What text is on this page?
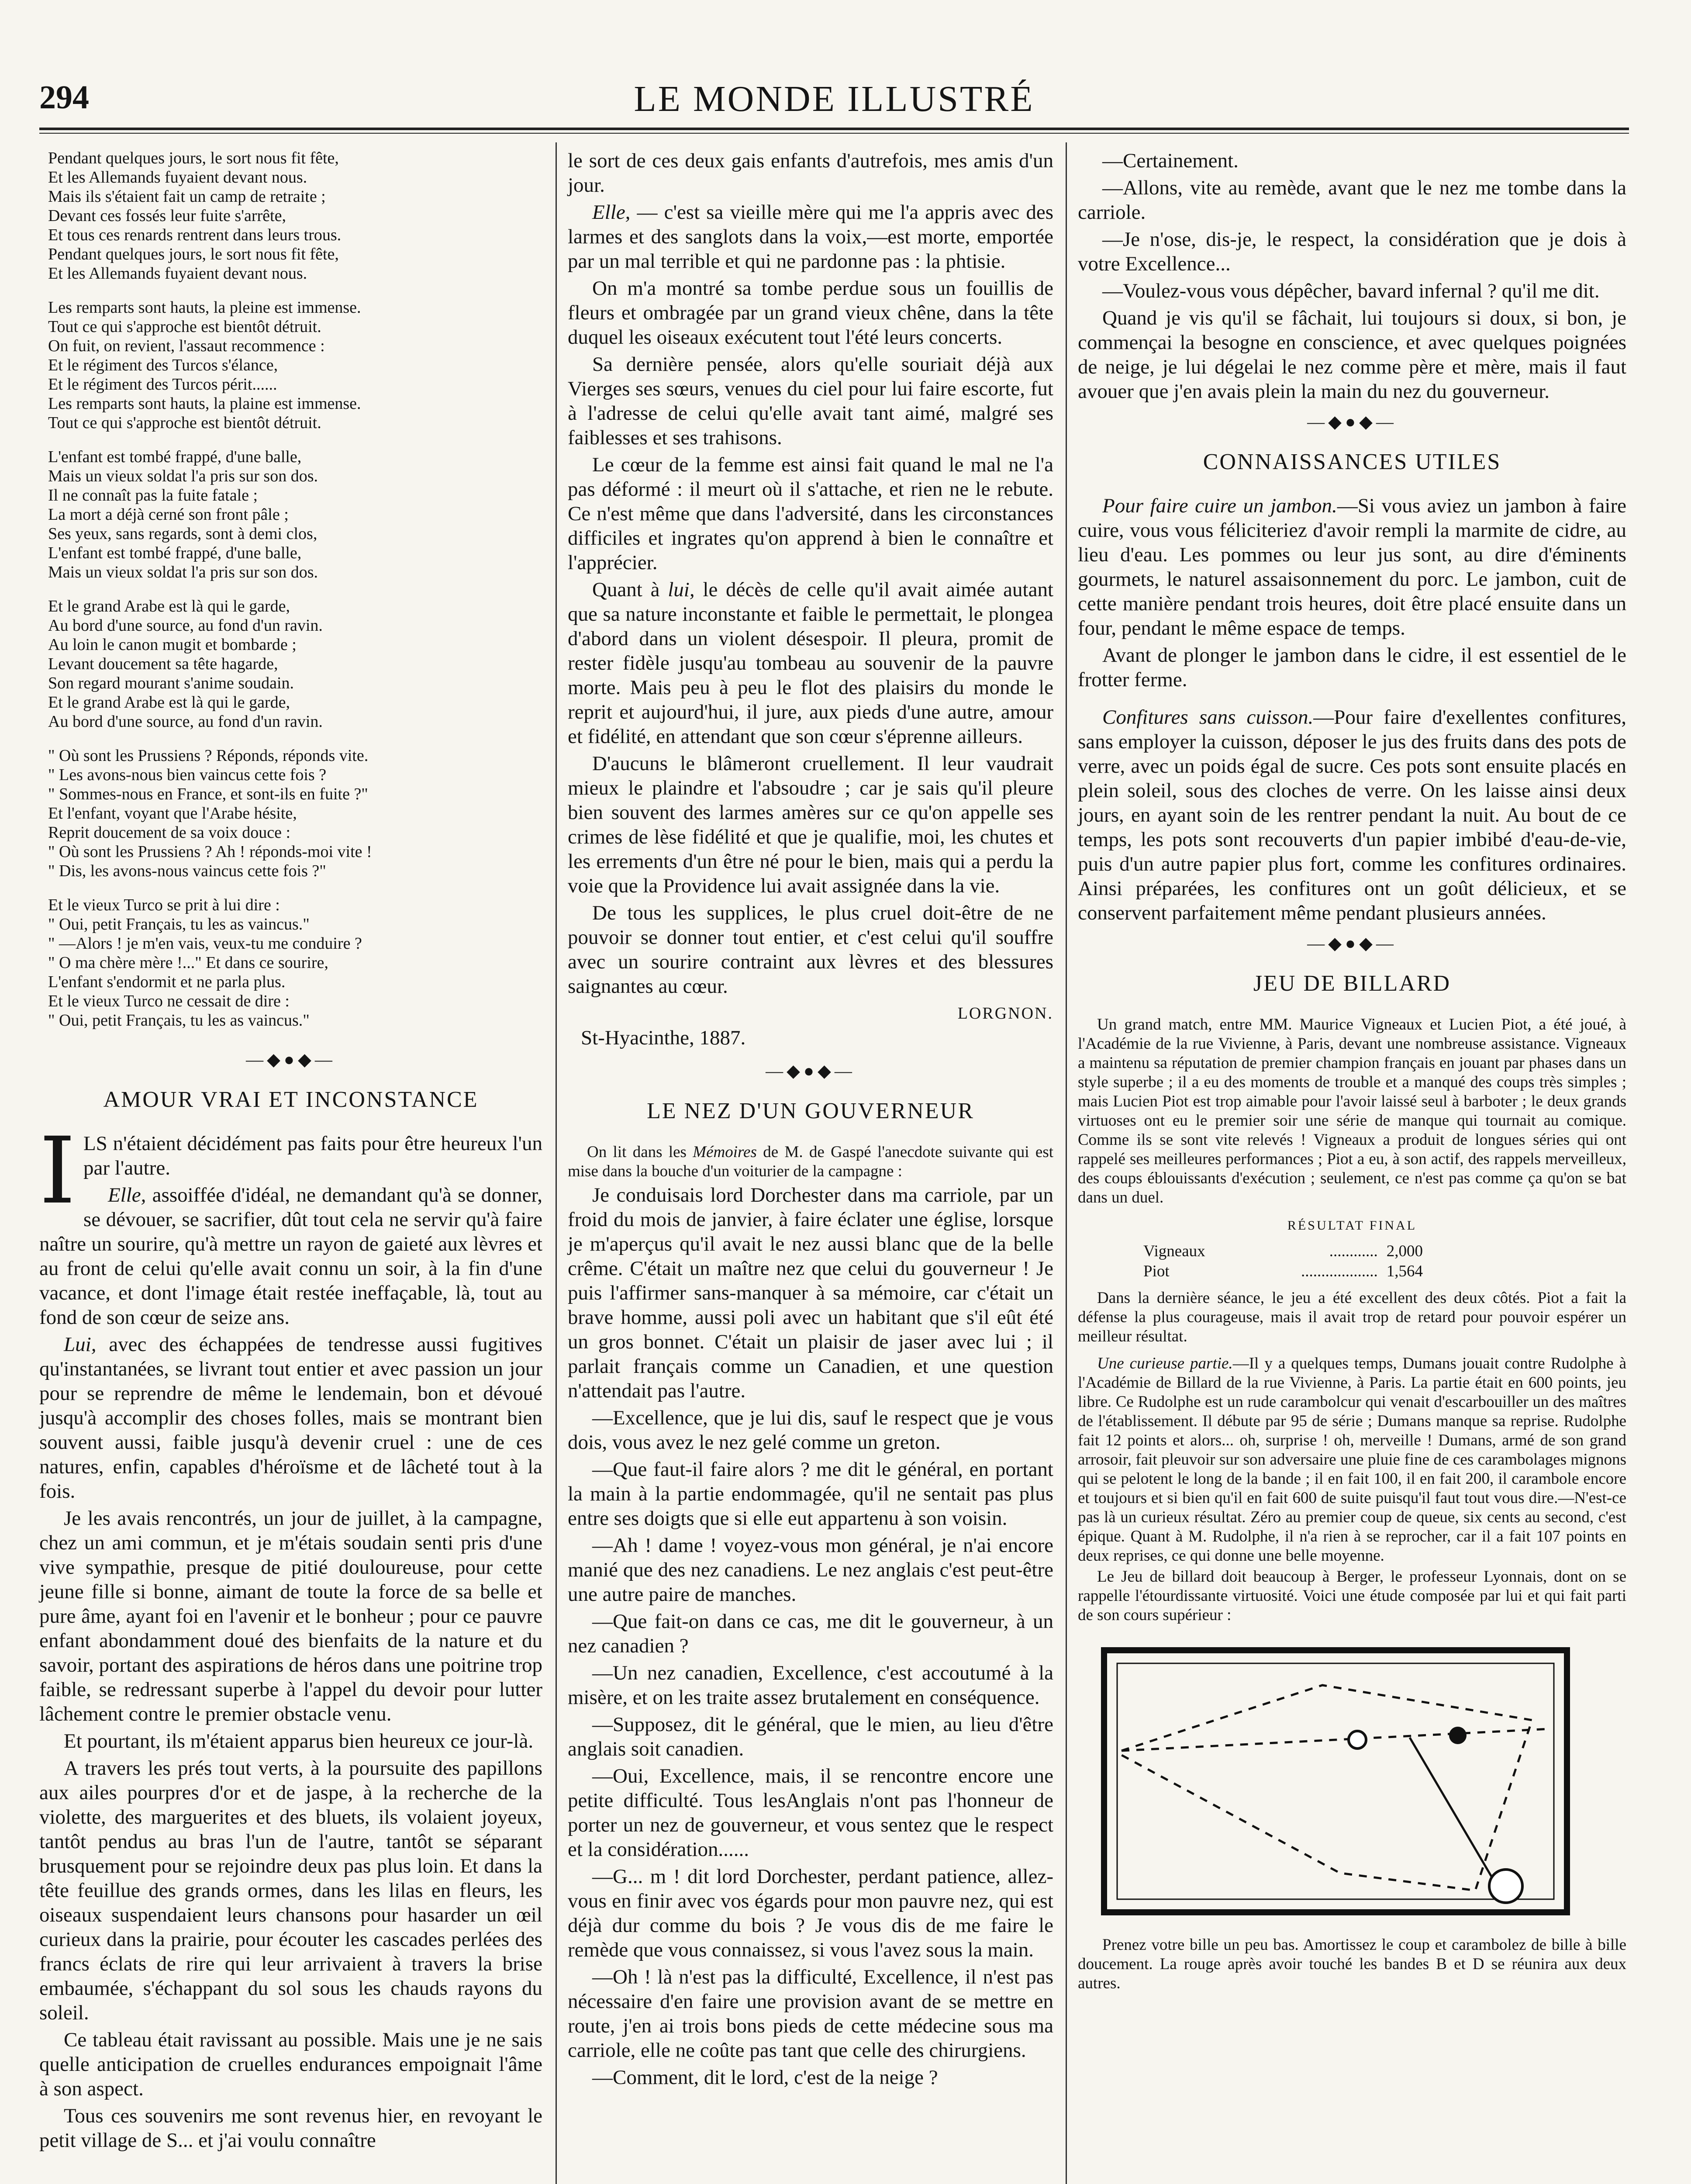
294	LE MONDE ILLUSTRÉ
Pendant quelques jours, le sort nous fit fête,
Et les Allemands fuyaient devant nous.
Mais ils s'étaient fait un camp de retraite ;
Devant ces fossés leur fuite s'arrête,
Et tous ces renards rentrent dans leurs trous.
Pendant quelques jours, le sort nous fit fête,
Et les Allemands fuyaient devant nous.
Les remparts sont hauts, la pleine est immense.
Tout ce qui s'approche est bientôt détruit.
On fuit, on revient, l'assaut recommence :
Et le régiment des Turcos s'élance,
Et le régiment des Turcos périt......
Les remparts sont hauts, la plaine est immense.
Tout ce qui s'approche est bientôt détruit.
L'enfant est tombé frappé, d'une balle,
Mais un vieux soldat l'a pris sur son dos.
Il ne connaît pas la fuite fatale ;
La mort a déjà cerné son front pâle ;
Ses yeux, sans regards, sont à demi clos,
L'enfant est tombé frappé, d'une balle,
Mais un vieux soldat l'a pris sur son dos.
Et le grand Arabe est là qui le garde,
Au bord d'une source, au fond d'un ravin.
Au loin le canon mugit et bombarde ;
Levant doucement sa tête hagarde,
Son regard mourant s'anime soudain.
Et le grand Arabe est là qui le garde,
Au bord d'une source, au fond d'un ravin.
" Où sont les Prussiens ? Réponds, réponds vite.
" Les avons-nous bien vaincus cette fois ?
" Sommes-nous en France, et sont-ils en fuite ?"
Et l'enfant, voyant que l'Arabe hésite,
Reprit doucement de sa voix douce :
" Où sont les Prussiens ? Ah ! réponds-moi vite !
" Dis, les avons-nous vaincus cette fois ?"
Et le vieux Turco se prit à lui dire :
" Oui, petit Français, tu les as vaincus."
" —Alors ! je m'en vais, veux-tu me conduire ?
" O ma chère mère !..." Et dans ce sourire,
L'enfant s'endormit et ne parla plus.
Et le vieux Turco ne cessait de dire :
" Oui, petit Français, tu les as vaincus."
—◆●◆—
AMOUR VRAI ET INCONSTANCE

ILS n'étaient décidément pas faits pour être heureux l'un par l'autre.

Elle, assoiffée d'idéal, ne demandant qu'à se donner, se dévouer, se sacrifier, dût tout cela ne servir qu'à faire naître un sourire, qu'à mettre un rayon de gaieté aux lèvres et au front de celui qu'elle avait connu un soir, à la fin d'une vacance, et dont l'image était restée ineffaçable, là, tout au fond de son cœur de seize ans.

Lui, avec des échappées de tendresse aussi fugitives qu'instantanées, se livrant tout entier et avec passion un jour pour se reprendre de même le lendemain, bon et dévoué jusqu'à accomplir des choses folles, mais se montrant bien souvent aussi, faible jusqu'à devenir cruel : une de ces natures, enfin, capables d'héroïsme et de lâcheté tout à la fois.

Je les avais rencontrés, un jour de juillet, à la campagne, chez un ami commun, et je m'étais soudain senti pris d'une vive sympathie, presque de pitié douloureuse, pour cette jeune fille si bonne, aimant de toute la force de sa belle et pure âme, ayant foi en l'avenir et le bonheur ; pour ce pauvre enfant abondamment doué des bienfaits de la nature et du savoir, portant des aspirations de héros dans une poitrine trop faible, se redressant superbe à l'appel du devoir pour lutter lâchement contre le premier obstacle venu.

Et pourtant, ils m'étaient apparus bien heureux ce jour-là.

A travers les prés tout verts, à la poursuite des papillons aux ailes pourpres d'or et de jaspe, à la recherche de la violette, des marguerites et des bluets, ils volaient joyeux, tantôt pendus au bras l'un de l'autre, tantôt se séparant brusquement pour se rejoindre deux pas plus loin. Et dans la tête feuillue des grands ormes, dans les lilas en fleurs, les oiseaux suspendaient leurs chansons pour hasarder un œil curieux dans la prairie, pour écouter les cascades perlées des francs éclats de rire qui leur arrivaient à travers la brise embaumée, s'échappant du sol sous les chauds rayons du soleil.

Ce tableau était ravissant au possible. Mais une je ne sais quelle anticipation de cruelles endurances empoignait l'âme à son aspect.

Tous ces souvenirs me sont revenus hier, en revoyant le petit village de S... et j'ai voulu connaître

le sort de ces deux gais enfants d'autrefois, mes amis d'un jour.

Elle, — c'est sa vieille mère qui me l'a appris avec des larmes et des sanglots dans la voix,—est morte, emportée par un mal terrible et qui ne pardonne pas : la phtisie.

On m'a montré sa tombe perdue sous un fouillis de fleurs et ombragée par un grand vieux chêne, dans la tête duquel les oiseaux exécutent tout l'été leurs concerts.

Sa dernière pensée, alors qu'elle souriait déjà aux Vierges ses sœurs, venues du ciel pour lui faire escorte, fut à l'adresse de celui qu'elle avait tant aimé, malgré ses faiblesses et ses trahisons.

Le cœur de la femme est ainsi fait quand le mal ne l'a pas déformé : il meurt où il s'attache, et rien ne le rebute. Ce n'est même que dans l'adversité, dans les circonstances difficiles et ingrates qu'on apprend à bien le connaître et l'apprécier.

Quant à lui, le décès de celle qu'il avait aimée autant que sa nature inconstante et faible le permettait, le plongea d'abord dans un violent désespoir. Il pleura, promit de rester fidèle jusqu'au tombeau au souvenir de la pauvre morte. Mais peu à peu le flot des plaisirs du monde le reprit et aujourd'hui, il jure, aux pieds d'une autre, amour et fidélité, en attendant que son cœur s'éprenne ailleurs.

D'aucuns le blâmeront cruellement. Il leur vaudrait mieux le plaindre et l'absoudre ; car je sais qu'il pleure bien souvent des larmes amères sur ce qu'on appelle ses crimes de lèse fidélité et que je qualifie, moi, les chutes et les errements d'un être né pour le bien, mais qui a perdu la voie que la Providence lui avait assignée dans la vie.

De tous les supplices, le plus cruel doit-être de ne pouvoir se donner tout entier, et c'est celui qu'il souffre avec un sourire contraint aux lèvres et des blessures saignantes au cœur.

LORGNON.
St-Hyacinthe, 1887.
—◆●◆—
LE NEZ D'UN GOUVERNEUR

On lit dans les Mémoires de M. de Gaspé l'anecdote suivante qui est mise dans la bouche d'un voiturier de la campagne :

Je conduisais lord Dorchester dans ma carriole, par un froid du mois de janvier, à faire éclater une église, lorsque je m'aperçus qu'il avait le nez aussi blanc que de la belle crême. C'était un maître nez que celui du gouverneur ! Je puis l'affirmer sans-manquer à sa mémoire, car c'était un brave homme, aussi poli avec un habitant que s'il eût été un gros bonnet. C'était un plaisir de jaser avec lui ; il parlait français comme un Canadien, et une question n'attendait pas l'autre.

—Excellence, que je lui dis, sauf le respect que je vous dois, vous avez le nez gelé comme un greton.

—Que faut-il faire alors ? me dit le général, en portant la main à la partie endommagée, qu'il ne sentait pas plus entre ses doigts que si elle eut appartenu à son voisin.

—Ah ! dame ! voyez-vous mon général, je n'ai encore manié que des nez canadiens. Le nez anglais c'est peut-être une autre paire de manches.

—Que fait-on dans ce cas, me dit le gouverneur, à un nez canadien ?

—Un nez canadien, Excellence, c'est accoutumé à la misère, et on les traite assez brutalement en conséquence.

—Supposez, dit le général, que le mien, au lieu d'être anglais soit canadien.

—Oui, Excellence, mais, il se rencontre encore une petite difficulté. Tous lesAnglais n'ont pas l'honneur de porter un nez de gouverneur, et vous sentez que le respect et la considération......

—G... m ! dit lord Dorchester, perdant patience, allez-vous en finir avec vos égards pour mon pauvre nez, qui est déjà dur comme du bois ? Je vous dis de me faire le remède que vous connaissez, si vous l'avez sous la main.

—Oh ! là n'est pas la difficulté, Excellence, il n'est pas nécessaire d'en faire une provision avant de se mettre en route, j'en ai trois bons pieds de cette médecine sous ma carriole, elle ne coûte pas tant que celle des chirurgiens.

—Comment, dit le lord, c'est de la neige ?

—Certainement.

—Allons, vite au remède, avant que le nez me tombe dans la carriole.

—Je n'ose, dis-je, le respect, la considération que je dois à votre Excellence...

—Voulez-vous vous dépêcher, bavard infernal ? qu'il me dit.

Quand je vis qu'il se fâchait, lui toujours si doux, si bon, je commençai la besogne en conscience, et avec quelques poignées de neige, je lui dégelai le nez comme père et mère, mais il faut avouer que j'en avais plein la main du nez du gouverneur.

—◆●◆—
CONNAISSANCES UTILES

Pour faire cuire un jambon.—Si vous aviez un jambon à faire cuire, vous vous féliciteriez d'avoir rempli la marmite de cidre, au lieu d'eau. Les pommes ou leur jus sont, au dire d'éminents gourmets, le naturel assaisonnement du porc. Le jambon, cuit de cette manière pendant trois heures, doit être placé ensuite dans un four, pendant le même espace de temps.

Avant de plonger le jambon dans le cidre, il est essentiel de le frotter ferme.

Confitures sans cuisson.—Pour faire d'exellentes confitures, sans employer la cuisson, déposer le jus des fruits dans des pots de verre, avec un poids égal de sucre. Ces pots sont ensuite placés en plein soleil, sous des cloches de verre. On les laisse ainsi deux jours, en ayant soin de les rentrer pendant la nuit. Au bout de ce temps, les pots sont recouverts d'un papier imbibé d'eau-de-vie, puis d'un autre papier plus fort, comme les confitures ordinaires. Ainsi préparées, les confitures ont un goût délicieux, et se conservent parfaitement même pendant plusieurs années.

—◆●◆—
JEU DE BILLARD

Un grand match, entre MM. Maurice Vigneaux et Lucien Piot, a été joué, à l'Académie de la rue Vivienne, à Paris, devant une nombreuse assistance. Vigneaux a maintenu sa réputation de premier champion français en jouant par phases dans un style superbe ; il a eu des moments de trouble et a manqué des coups très simples ; mais Lucien Piot est trop aimable pour l'avoir laissé seul à barboter ; le deux grands virtuoses ont eu le premier soir une série de manque qui tournait au comique. Comme ils se sont vite relevés ! Vigneaux a produit de longues séries qui ont rappelé ses meilleures performances ; Piot a eu, à son actif, des rappels merveilleux, des coups éblouissants d'exécution ; seulement, ce n'est pas comme ça qu'on se bat dans un duel.

RÉSULTAT FINAL
Vigneaux	............ 2,000
Piot	................... 1,564

Dans la dernière séance, le jeu a été excellent des deux côtés. Piot a fait la défense la plus courageuse, mais il avait trop de retard pour pouvoir espérer un meilleur résultat.

Une curieuse partie.—Il y a quelques temps, Dumans jouait contre Rudolphe à l'Académie de Billard de la rue Vivienne, à Paris. La partie était en 600 points, jeu libre. Ce Rudolphe est un rude carambolcur qui venait d'escarbouiller un des maîtres de l'établissement. Il débute par 95 de série ; Dumans manque sa reprise. Rudolphe fait 12 points et alors... oh, surprise ! oh, merveille ! Dumans, armé de son grand arrosoir, fait pleuvoir sur son adversaire une pluie fine de ces carambolages mignons qui se pelotent le long de la bande ; il en fait 100, il en fait 200, il carambole encore et toujours et si bien qu'il en fait 600 de suite puisqu'il faut tout vous dire.—N'est-ce pas là un curieux résultat. Zéro au premier coup de queue, six cents au second, c'est épique. Quant à M. Rudolphe, il n'a rien à se reprocher, car il a fait 107 points en deux reprises, ce qui donne une belle moyenne.

Le Jeu de billard doit beaucoup à Berger, le professeur Lyonnais, dont on se rappelle l'étourdissante virtuosité. Voici une étude composée par lui et qui fait parti de son cours supérieur :

Prenez votre bille un peu bas. Amortissez le coup et carambolez de bille à bille doucement. La rouge après avoir touché les bandes B et D se réunira aux deux autres.
